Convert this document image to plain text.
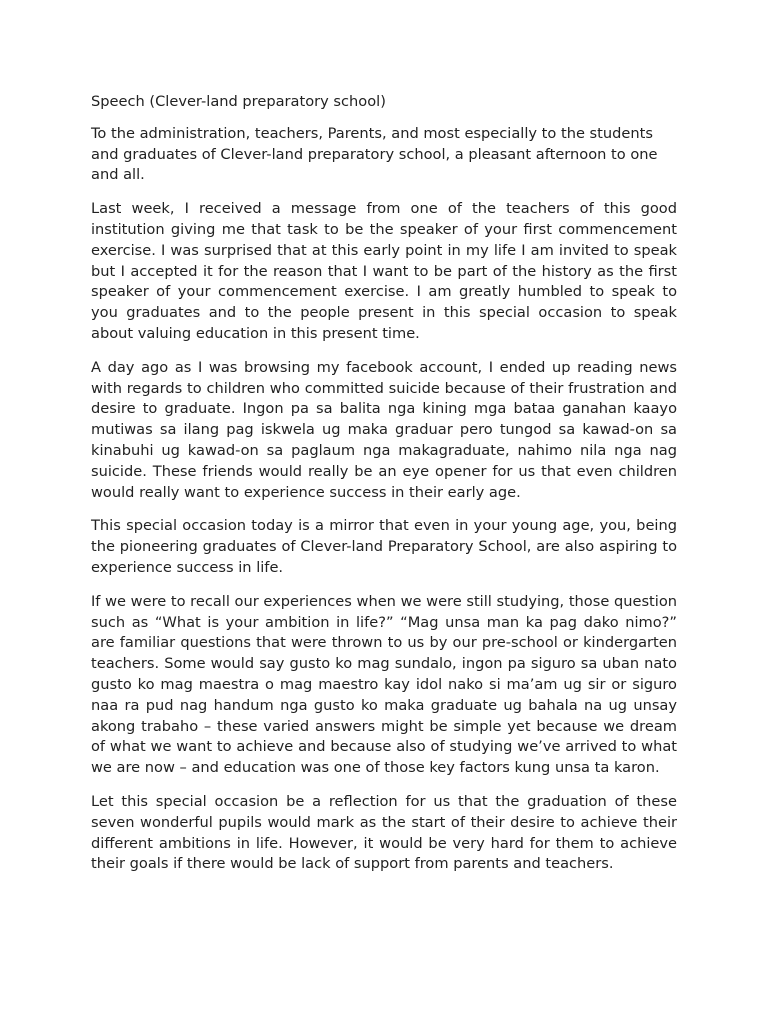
Speech (Clever-land preparatory school)

To the administration, teachers, Parents, and most especially to the students and graduates of Clever-land preparatory school, a pleasant afternoon to one and all.

Last week, I received a message from one of the teachers of this good institution giving me that task to be the speaker of your first commencement exercise. I was surprised that at this early point in my life I am invited to speak but I accepted it for the reason that I want to be part of the history as the first speaker of your commencement exercise. I am greatly humbled to speak to you graduates and to the people present in this special occasion to speak about valuing education in this present time.

A day ago as I was browsing my facebook account, I ended up reading news with regards to children who committed suicide because of their frustration and desire to graduate. Ingon pa sa balita nga kining mga bataa ganahan kaayo mutiwas sa ilang pag iskwela ug maka graduar pero tungod sa kawad-on sa kinabuhi ug kawad-on sa paglaum nga makagraduate, nahimo nila nga nag suicide. These friends would really be an eye opener for us that even children would really want to experience success in their early age.

This special occasion today is a mirror that even in your young age, you, being the pioneering graduates of Clever-land Preparatory School, are also aspiring to experience success in life.

If we were to recall our experiences when we were still studying, those question such as “What is your ambition in life?” “Mag unsa man ka pag dako nimo?” are familiar questions that were thrown to us by our pre-school or kindergarten teachers. Some would say gusto ko mag sundalo, ingon pa siguro sa uban nato gusto ko mag maestra o mag maestro kay idol nako si ma’am ug sir or siguro naa ra pud nag handum nga gusto ko maka graduate ug bahala na ug unsay akong trabaho – these varied answers might be simple yet because we dream of what we want to achieve and because also of studying we’ve arrived to what we are now – and education was one of those key factors kung unsa ta karon.

Let this special occasion be a reflection for us that the graduation of these seven wonderful pupils would mark as the start of their desire to achieve their different ambitions in life. However, it would be very hard for them to achieve their goals if there would be lack of support from parents and teachers.
